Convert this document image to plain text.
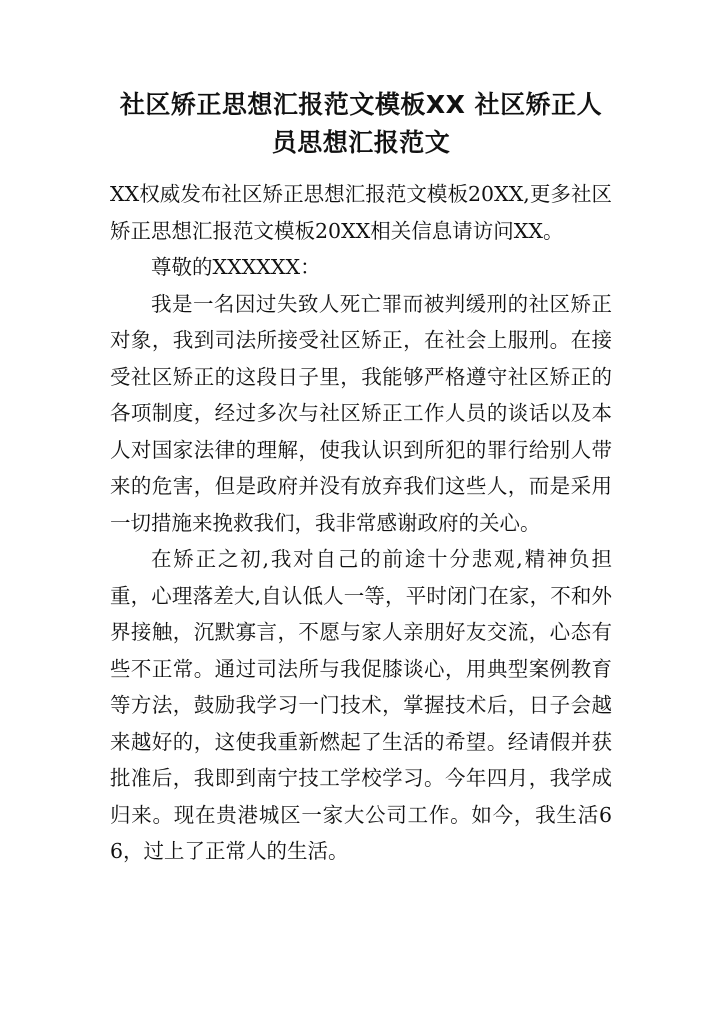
社区矫正思想汇报范文模板XX 社区矫正人
员思想汇报范文

XX权威发布社区矫正思想汇报范文模板20XX,更多社区矫正思想汇报范文模板20XX相关信息请访问XX。

尊敬的XXXXXX：

我是一名因过失致人死亡罪而被判缓刑的社区矫正对象，我到司法所接受社区矫正，在社会上服刑。在接受社区矫正的这段日子里，我能够严格遵守社区矫正的各项制度，经过多次与社区矫正工作人员的谈话以及本人对国家法律的理解，使我认识到所犯的罪行给别人带来的危害，但是政府并没有放弃我们这些人，而是采用一切措施来挽救我们，我非常感谢政府的关心。

在矫正之初,我对自己的前途十分悲观,精神负担重，心理落差大,自认低人一等，平时闭门在家，不和外界接触，沉默寡言，不愿与家人亲朋好友交流，心态有些不正常。通过司法所与我促膝谈心，用典型案例教育等方法，鼓励我学习一门技术，掌握技术后，日子会越来越好的，这使我重新燃起了生活的希望。经请假并获批准后，我即到南宁技工学校学习。今年四月，我学成归来。现在贵港城区一家大公司工作。如今，我生活66，过上了正常人的生活。
